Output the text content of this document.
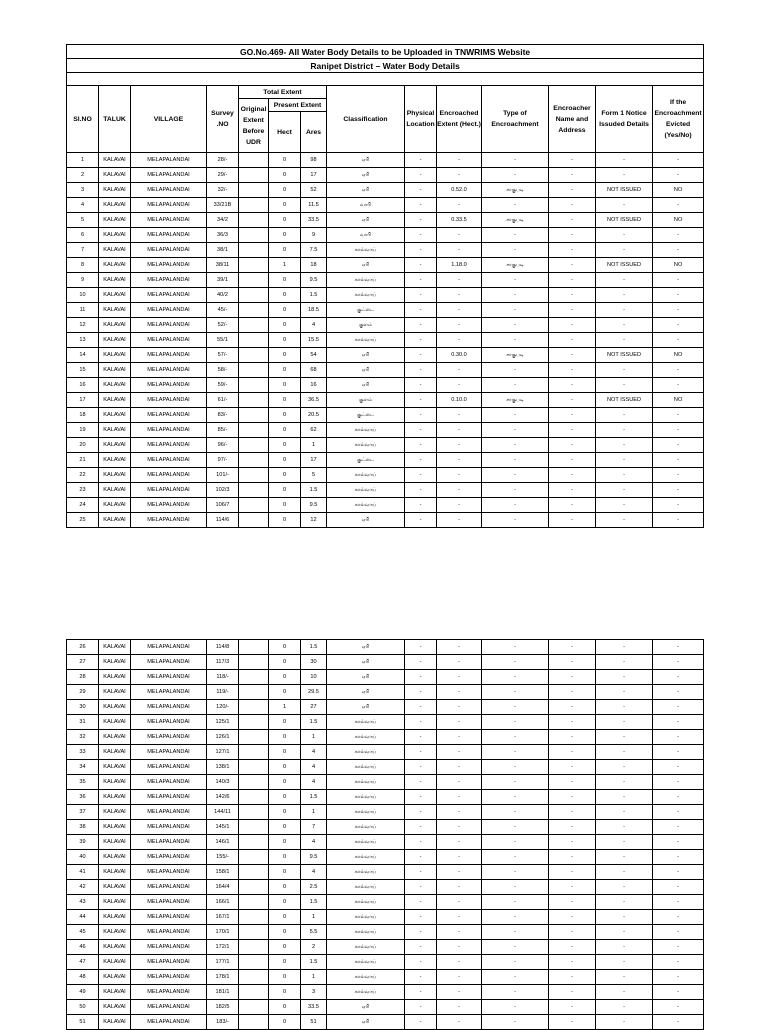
GO.No.469- All Water Body Details to be Uploaded in TNWRIMS Website													
Ranipet District – Water Body Details													

Sl.NO	TALUK	VILLAGE	Survey .NO	Total Extent			Classification	Physical Location	Encroached Extent (Hect.)	Type of Encroachment	Encroacher Name and Address	Form 1 Notice Issuded Details	If the Encroachment Evicted (Yes/No)
				Original Extent Before UDR	Present Extent								
					Hect	Ares							
1	KALAVAI	MELAPALANDAI	28/-		0	98	ஏரி	-	-	-	-	-	-
2	KALAVAI	MELAPALANDAI	29/-		0	17	ஏரி	-	-	-	-	-	-
3	KALAVAI	MELAPALANDAI	32/-		0	52	ஏரி	-	0.52.0	சாகுபடி	-	NOT ISSUED	NO
4	KALAVAI	MELAPALANDAI	33/21B		0	11.5	வாரி	-	-	-	-	-	-
5	KALAVAI	MELAPALANDAI	34/2		0	33.5	ஏரி	-	0.33.5	சாகுபடி	-	NOT ISSUED	NO
6	KALAVAI	MELAPALANDAI	36/3		0	9	வாரி	-	-	-	-	-	-
7	KALAVAI	MELAPALANDAI	38/1		0	7.5	கால்வாய்	-	-	-	-	-	-
8	KALAVAI	MELAPALANDAI	38/11		1	18	ஏரி	-	1.18.0	சாகுபடி	-	NOT ISSUED	NO
9	KALAVAI	MELAPALANDAI	39/1		0	9.5	கால்வாய்	-	-	-	-	-	-
10	KALAVAI	MELAPALANDAI	40/2		0	1.5	கால்வாய்	-	-	-	-	-	-
11	KALAVAI	MELAPALANDAI	45/-		0	18.5	குட்டை	-	-	-	-	-	-
12	KALAVAI	MELAPALANDAI	52/-		0	4	குளம்	-	-	-	-	-	-
13	KALAVAI	MELAPALANDAI	55/1		0	15.5	கால்வாய்	-	-	-	-	-	-
14	KALAVAI	MELAPALANDAI	57/-		0	54	ஏரி	-	0.30.0	சாகுபடி	-	NOT ISSUED	NO
15	KALAVAI	MELAPALANDAI	58/-		0	68	ஏரி	-	-	-	-	-	-
16	KALAVAI	MELAPALANDAI	59/-		0	16	ஏரி	-	-	-	-	-	-
17	KALAVAI	MELAPALANDAI	61/-		0	36.5	குளம்	-	0.10.0	சாகுபடி	-	NOT ISSUED	NO
18	KALAVAI	MELAPALANDAI	83/-		0	20.5	குட்டை	-	-	-	-	-	-
19	KALAVAI	MELAPALANDAI	85/-		0	62	கால்வாய்	-	-	-	-	-	-
20	KALAVAI	MELAPALANDAI	96/-		0	1	கால்வாய்	-	-	-	-	-	-
21	KALAVAI	MELAPALANDAI	97/-		0	17	குட்டை	-	-	-	-	-	-
22	KALAVAI	MELAPALANDAI	101/-		0	5	கால்வாய்	-	-	-	-	-	-
23	KALAVAI	MELAPALANDAI	102/3		0	1.5	கால்வாய்	-	-	-	-	-	-
24	KALAVAI	MELAPALANDAI	106/7		0	9.5	கால்வாய்	-	-	-	-	-	-
25	KALAVAI	MELAPALANDAI	114/6		0	12	ஏரி	-	-	-	-	-	-
26	KALAVAI	MELAPALANDAI	114/8		0	1.5	ஏரி	-	-	-	-	-	-
27	KALAVAI	MELAPALANDAI	117/3		0	30	ஏரி	-	-	-	-	-	-
28	KALAVAI	MELAPALANDAI	118/-		0	10	ஏரி	-	-	-	-	-	-
29	KALAVAI	MELAPALANDAI	119/-		0	29.5	ஏரி	-	-	-	-	-	-
30	KALAVAI	MELAPALANDAI	120/-		1	27	ஏரி	-	-	-	-	-	-
31	KALAVAI	MELAPALANDAI	125/1		0	1.5	கால்வாய்	-	-	-	-	-	-
32	KALAVAI	MELAPALANDAI	126/1		0	1	கால்வாய்	-	-	-	-	-	-
33	KALAVAI	MELAPALANDAI	127/1		0	4	கால்வாய்	-	-	-	-	-	-
34	KALAVAI	MELAPALANDAI	138/1		0	4	கால்வாய்	-	-	-	-	-	-
35	KALAVAI	MELAPALANDAI	140/3		0	4	கால்வாய்	-	-	-	-	-	-
36	KALAVAI	MELAPALANDAI	142/6		0	1.5	கால்வாய்	-	-	-	-	-	-
37	KALAVAI	MELAPALANDAI	144/11		0	1	கால்வாய்	-	-	-	-	-	-
38	KALAVAI	MELAPALANDAI	145/1		0	7	கால்வாய்	-	-	-	-	-	-
39	KALAVAI	MELAPALANDAI	146/1		0	4	கால்வாய்	-	-	-	-	-	-
40	KALAVAI	MELAPALANDAI	155/-		0	9.5	கால்வாய்	-	-	-	-	-	-
41	KALAVAI	MELAPALANDAI	158/1		0	4	கால்வாய்	-	-	-	-	-	-
42	KALAVAI	MELAPALANDAI	164/4		0	2.5	கால்வாய்	-	-	-	-	-	-
43	KALAVAI	MELAPALANDAI	166/1		0	1.5	கால்வாய்	-	-	-	-	-	-
44	KALAVAI	MELAPALANDAI	167/1		0	1	கால்வாய்	-	-	-	-	-	-
45	KALAVAI	MELAPALANDAI	170/1		0	5.5	கால்வாய்	-	-	-	-	-	-
46	KALAVAI	MELAPALANDAI	172/1		0	2	கால்வாய்	-	-	-	-	-	-
47	KALAVAI	MELAPALANDAI	177/1		0	1.5	கால்வாய்	-	-	-	-	-	-
48	KALAVAI	MELAPALANDAI	178/1		0	1	கால்வாய்	-	-	-	-	-	-
49	KALAVAI	MELAPALANDAI	181/1		0	3	கால்வாய்	-	-	-	-	-	-
50	KALAVAI	MELAPALANDAI	182/5		0	33.5	ஏரி	-	-	-	-	-	-
51	KALAVAI	MELAPALANDAI	183/-		0	51	ஏரி	-	-	-	-	-	-
